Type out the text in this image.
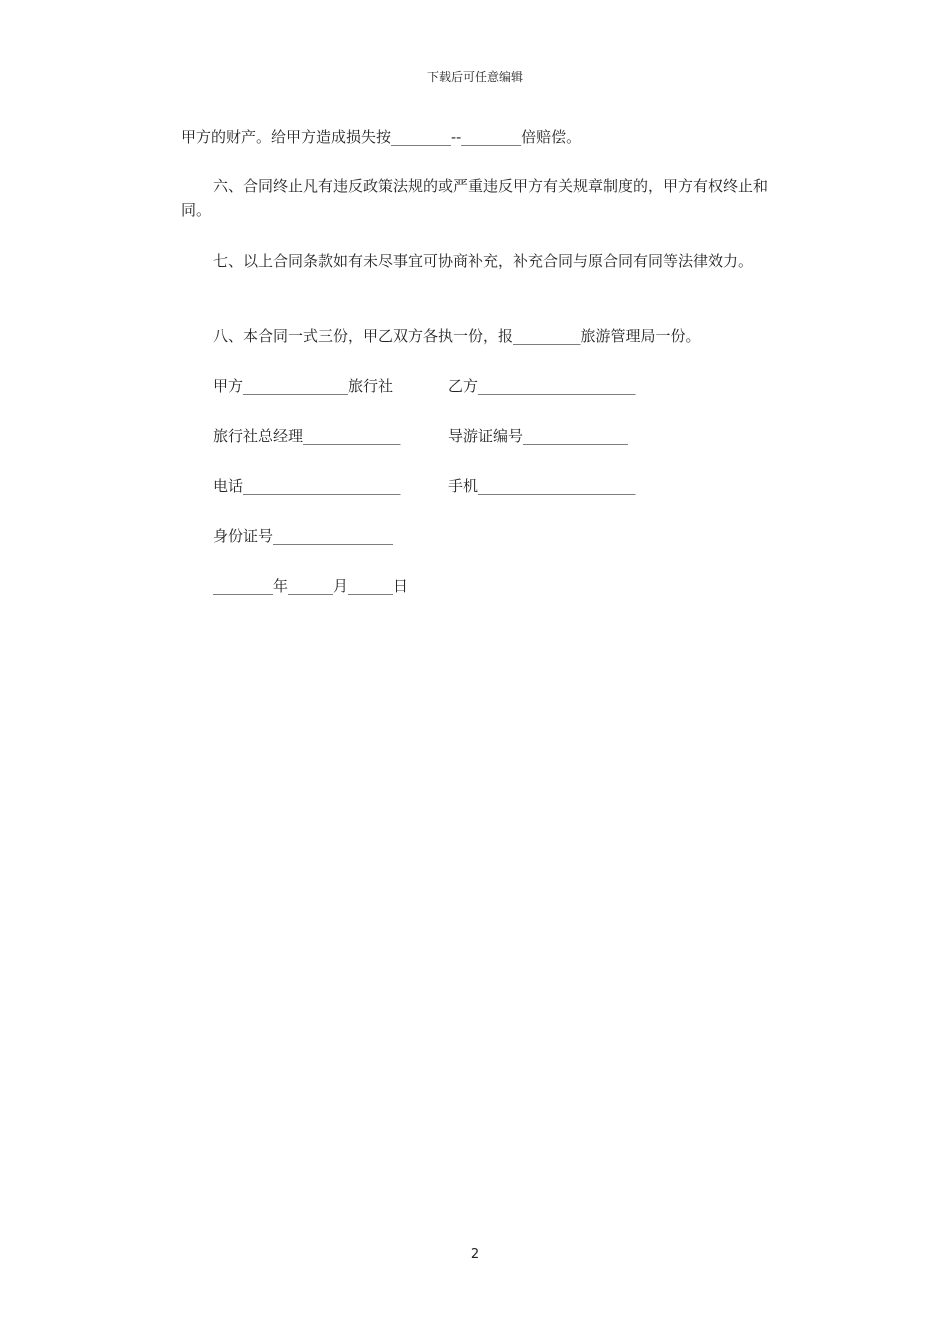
下载后可任意编辑

甲方的财产。给甲方造成损失按________--________倍赔偿。

六、合同终止凡有违反政策法规的或严重违反甲方有关规章制度的，甲方有权终止和同。

七、以上合同条款如有未尽事宜可协商补充，补充合同与原合同有同等法律效力。

八、本合同一式三份，甲乙双方各执一份，报_________旅游管理局一份。

甲方______________旅行社	乙方_____________________
旅行社总经理_____________	导游证编号______________
电话_____________________	手机_____________________
身份证号________________
________年______月______日
2
